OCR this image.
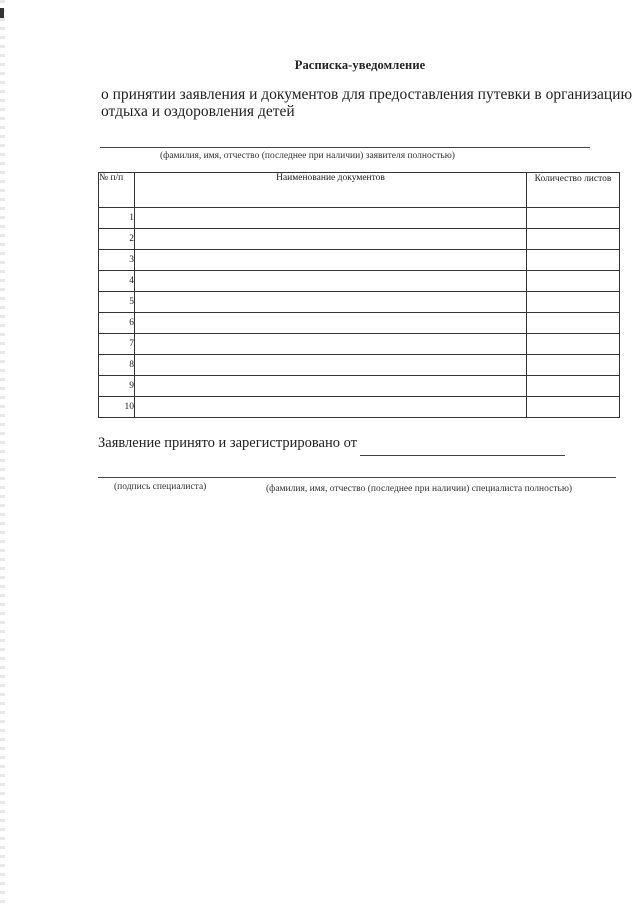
Расписка-уведомление
о принятии заявления и документов для предоставления путевки в организацию
отдыха и оздоровления детей
(фамилия, имя, отчество (последнее при наличии) заявителя полностью)
№ п/п	Наименование документов	Количество листов
1		
2		
3		
4		
5		
6		
7		
8		
9		
10		
Заявление принято и зарегистрировано от
(подпись специалиста)	(фамилия, имя, отчество (последнее при наличии) специалиста полностью)
